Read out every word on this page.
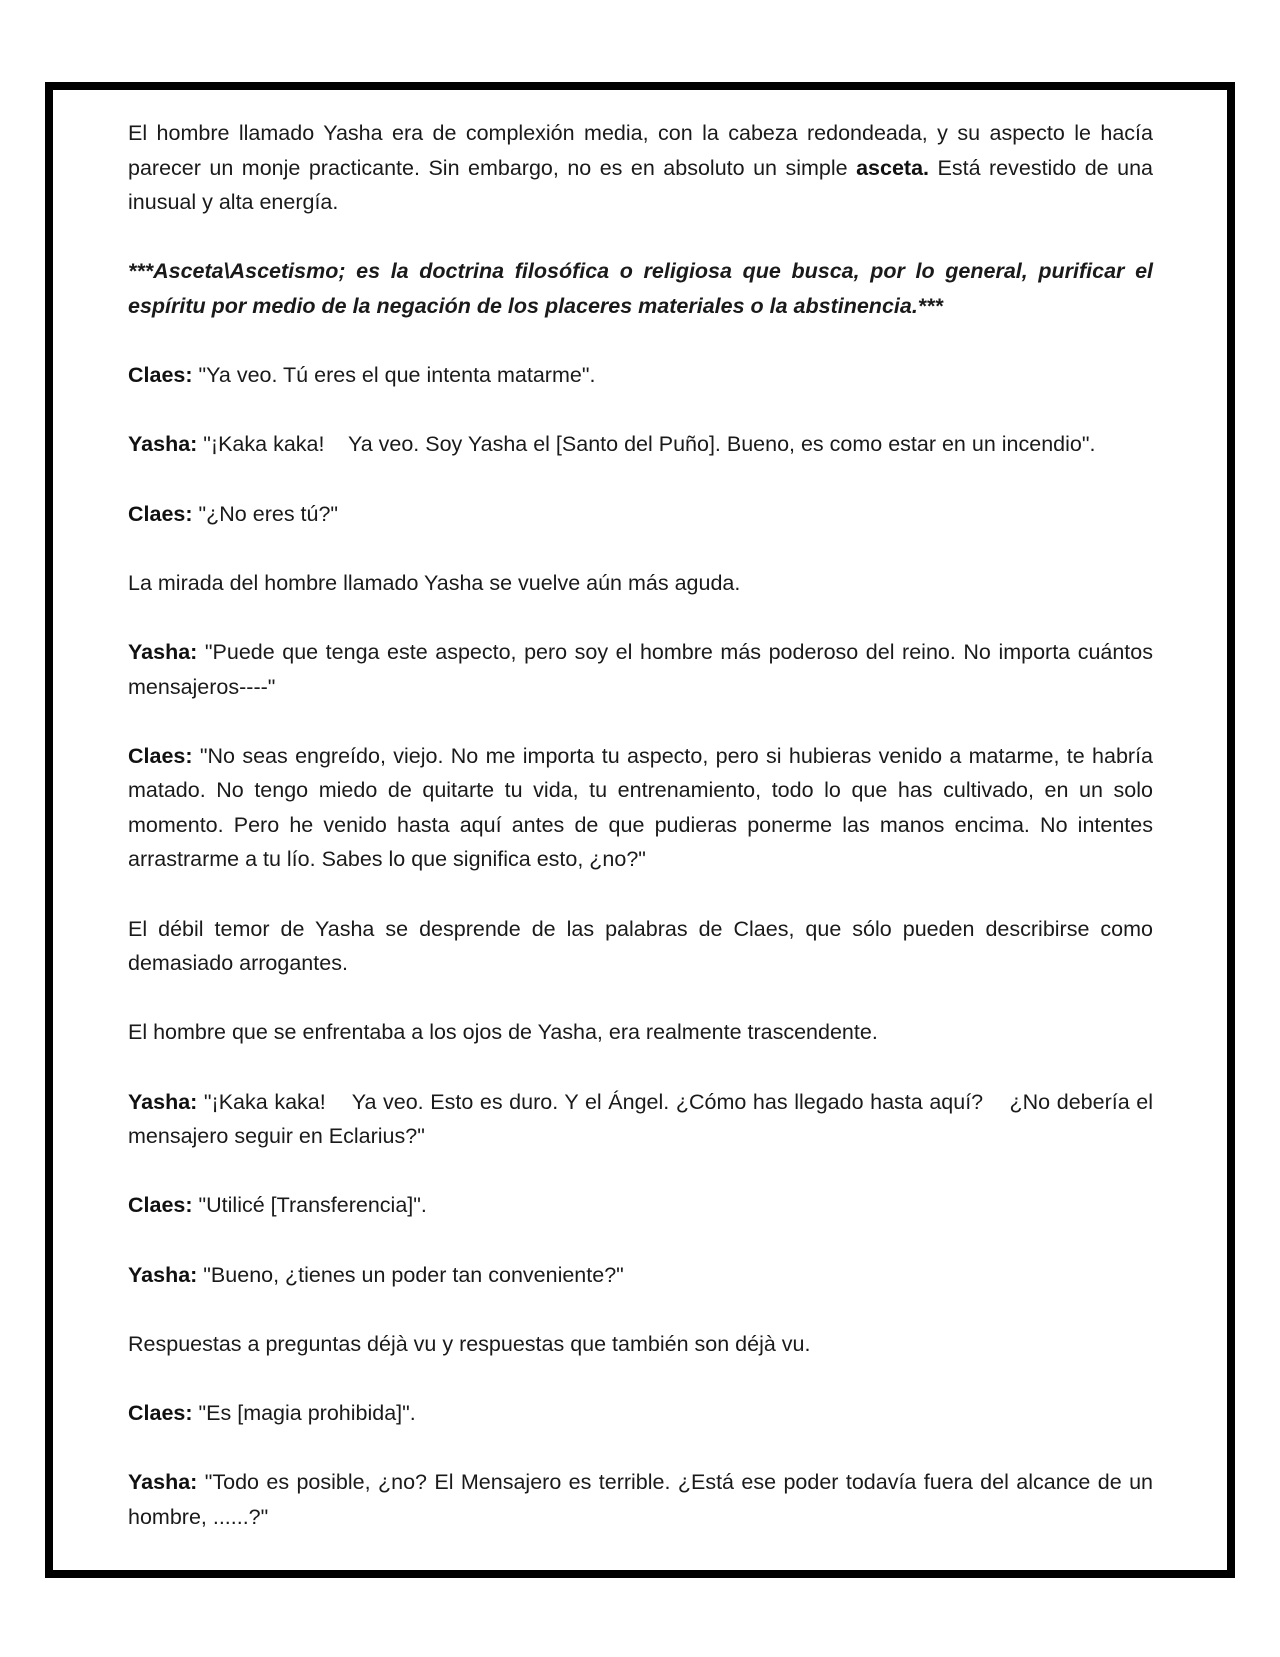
El hombre llamado Yasha era de complexión media, con la cabeza redondeada, y su aspecto le hacía parecer un monje practicante. Sin embargo, no es en absoluto un simple asceta. Está revestido de una inusual y alta energía.

***Asceta\Ascetismo; es la doctrina filosófica o religiosa que busca, por lo general, purificar el espíritu por medio de la negación de los placeres materiales o la abstinencia.***

Claes: "Ya veo. Tú eres el que intenta matarme".

Yasha: "¡Kaka kaka!    Ya veo. Soy Yasha el [Santo del Puño]. Bueno, es como estar en un incendio".

Claes: "¿No eres tú?"

La mirada del hombre llamado Yasha se vuelve aún más aguda.

Yasha: "Puede que tenga este aspecto, pero soy el hombre más poderoso del reino. No importa cuántos mensajeros----"

Claes: "No seas engreído, viejo. No me importa tu aspecto, pero si hubieras venido a matarme, te habría matado. No tengo miedo de quitarte tu vida, tu entrenamiento, todo lo que has cultivado, en un solo momento. Pero he venido hasta aquí antes de que pudieras ponerme las manos encima. No intentes arrastrarme a tu lío. Sabes lo que significa esto, ¿no?"

El débil temor de Yasha se desprende de las palabras de Claes, que sólo pueden describirse como demasiado arrogantes.

El hombre que se enfrentaba a los ojos de Yasha, era realmente trascendente.

Yasha: "¡Kaka kaka!    Ya veo. Esto es duro. Y el Ángel. ¿Cómo has llegado hasta aquí?    ¿No debería el mensajero seguir en Eclarius?"

Claes: "Utilicé [Transferencia]".

Yasha: "Bueno, ¿tienes un poder tan conveniente?"

Respuestas a preguntas déjà vu y respuestas que también son déjà vu.

Claes: "Es [magia prohibida]".

Yasha: "Todo es posible, ¿no? El Mensajero es terrible. ¿Está ese poder todavía fuera del alcance de un hombre, ......?"
